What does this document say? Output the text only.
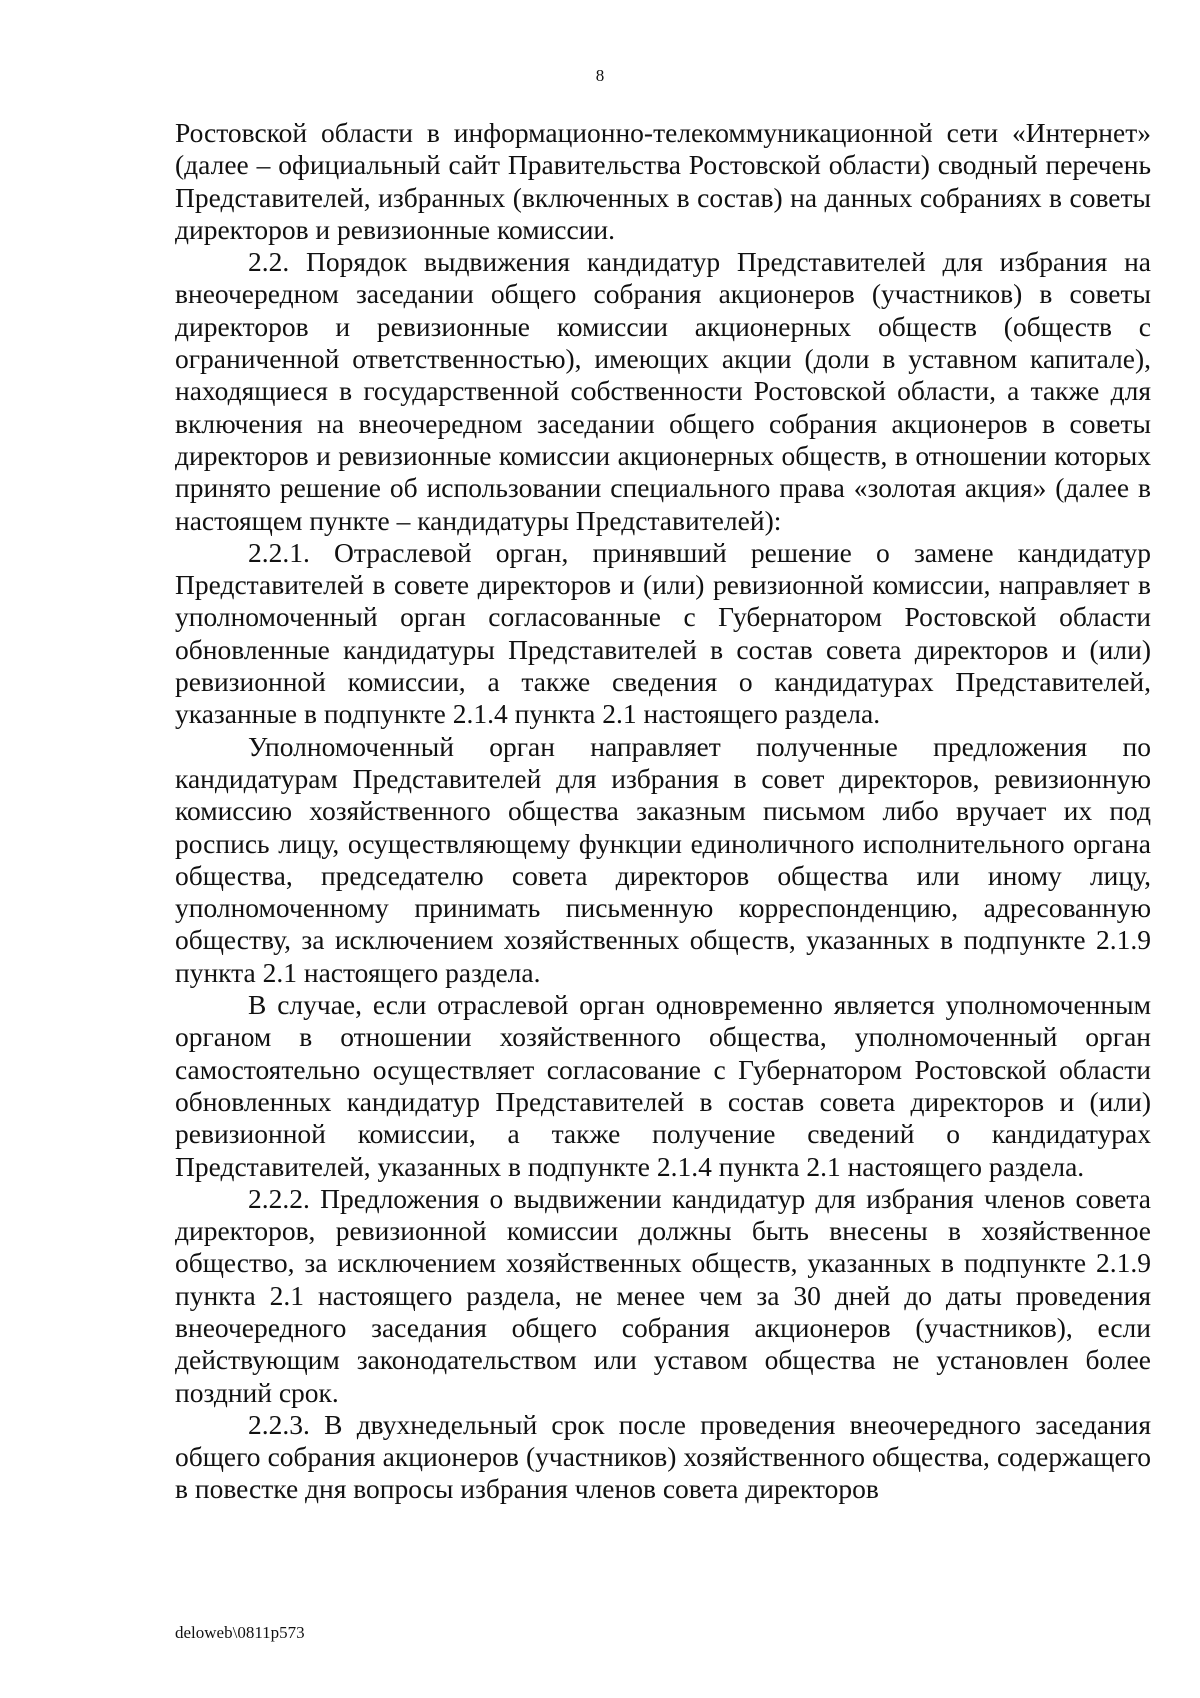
8

Ростовской области в информационно-телекоммуникационной сети «Интернет» (далее – официальный сайт Правительства Ростовской области) сводный перечень Представителей, избранных (включенных в состав) на данных собраниях в советы директоров и ревизионные комиссии.

2.2. Порядок выдвижения кандидатур Представителей для избрания на внеочередном заседании общего собрания акционеров (участников) в советы директоров и ревизионные комиссии акционерных обществ (обществ с ограниченной ответственностью), имеющих акции (доли в уставном капитале), находящиеся в государственной собственности Ростовской области, а также для включения на внеочередном заседании общего собрания акционеров в советы директоров и ревизионные комиссии акционерных обществ, в отношении которых принято решение об использовании специального права «золотая акция» (далее в настоящем пункте – кандидатуры Представителей):

2.2.1. Отраслевой орган, принявший решение о замене кандидатур Представителей в совете директоров и (или) ревизионной комиссии, направляет в уполномоченный орган согласованные с Губернатором Ростовской области обновленные кандидатуры Представителей в состав совета директоров и (или) ревизионной комиссии, а также сведения о кандидатурах Представителей, указанные в подпункте 2.1.4 пункта 2.1 настоящего раздела.

Уполномоченный орган направляет полученные предложения по кандидатурам Представителей для избрания в совет директоров, ревизионную комиссию хозяйственного общества заказным письмом либо вручает их под роспись лицу, осуществляющему функции единоличного исполнительного органа общества, председателю совета директоров общества или иному лицу, уполномоченному принимать письменную корреспонденцию, адресованную обществу, за исключением хозяйственных обществ, указанных в подпункте 2.1.9 пункта 2.1 настоящего раздела.

В случае, если отраслевой орган одновременно является уполномоченным органом в отношении хозяйственного общества, уполномоченный орган самостоятельно осуществляет согласование с Губернатором Ростовской области обновленных кандидатур Представителей в состав совета директоров и (или) ревизионной комиссии, а также получение сведений о кандидатурах Представителей, указанных в подпункте 2.1.4 пункта 2.1 настоящего раздела.

2.2.2. Предложения о выдвижении кандидатур для избрания членов совета директоров, ревизионной комиссии должны быть внесены в хозяйственное общество, за исключением хозяйственных обществ, указанных в подпункте 2.1.9 пункта 2.1 настоящего раздела, не менее чем за 30 дней до даты проведения внеочередного заседания общего собрания акционеров (участников), если действующим законодательством или уставом общества не установлен более поздний срок.

2.2.3. В двухнедельный срок после проведения внеочередного заседания общего собрания акционеров (участников) хозяйственного общества, содержащего в повестке дня вопросы избрания членов совета директоров

deloweb\0811p573
